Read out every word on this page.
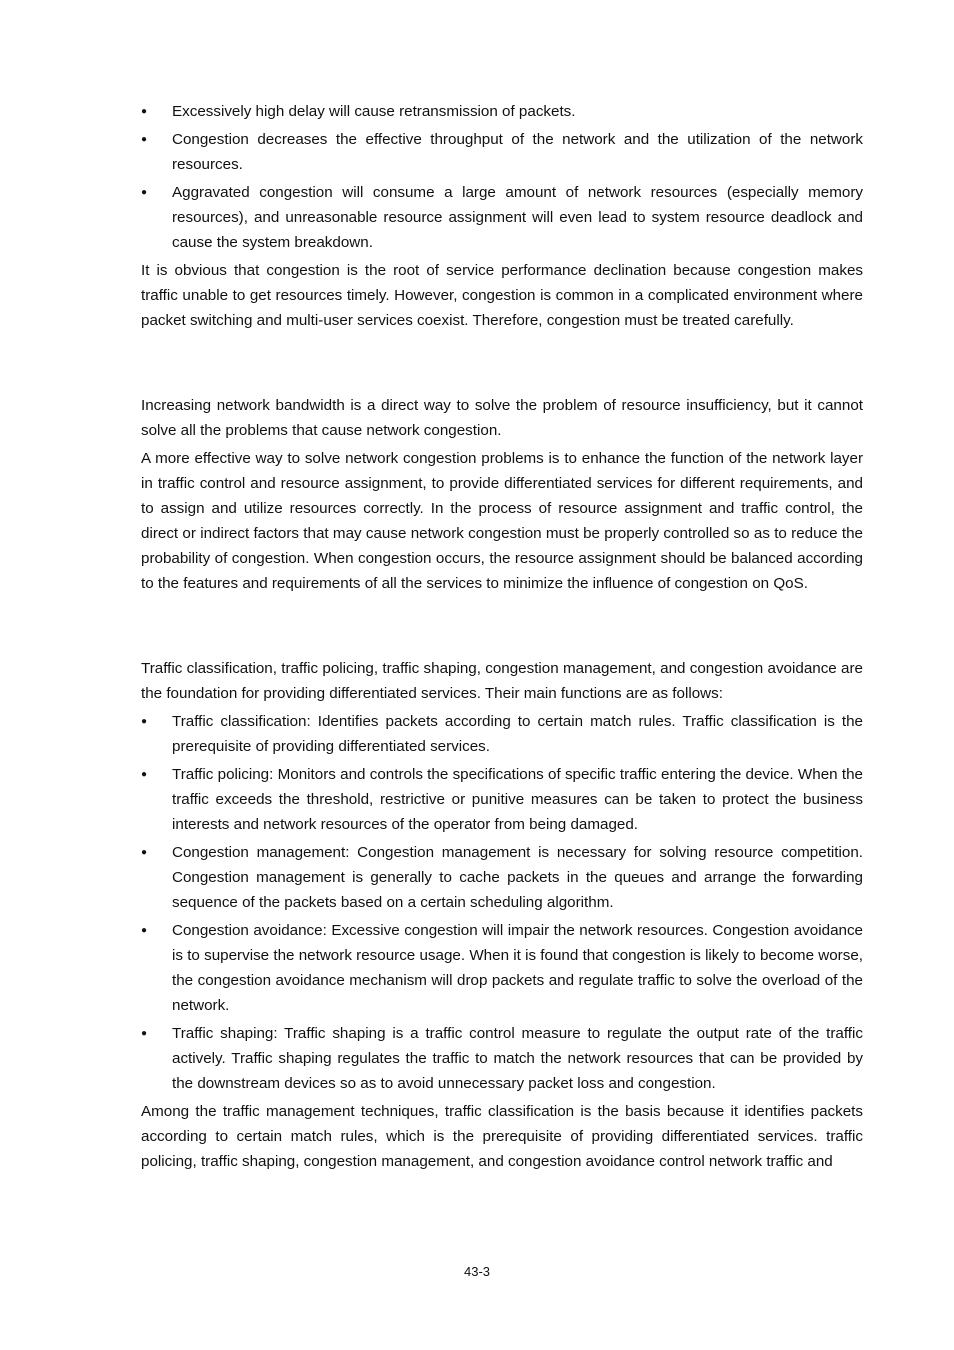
● Excessively high delay will cause retransmission of packets.
● Congestion decreases the effective throughput of the network and the utilization of the network resources.
● Aggravated congestion will consume a large amount of network resources (especially memory resources), and unreasonable resource assignment will even lead to system resource deadlock and cause the system breakdown.

It is obvious that congestion is the root of service performance declination because congestion makes traffic unable to get resources timely. However, congestion is common in a complicated environment where packet switching and multi-user services coexist. Therefore, congestion must be treated carefully.

Increasing network bandwidth is a direct way to solve the problem of resource insufficiency, but it cannot solve all the problems that cause network congestion.

A more effective way to solve network congestion problems is to enhance the function of the network layer in traffic control and resource assignment, to provide differentiated services for different requirements, and to assign and utilize resources correctly. In the process of resource assignment and traffic control, the direct or indirect factors that may cause network congestion must be properly controlled so as to reduce the probability of congestion. When congestion occurs, the resource assignment should be balanced according to the features and requirements of all the services to minimize the influence of congestion on QoS.

Traffic classification, traffic policing, traffic shaping, congestion management, and congestion avoidance are the foundation for providing differentiated services. Their main functions are as follows:

● Traffic classification: Identifies packets according to certain match rules. Traffic classification is the prerequisite of providing differentiated services.
● Traffic policing: Monitors and controls the specifications of specific traffic entering the device. When the traffic exceeds the threshold, restrictive or punitive measures can be taken to protect the business interests and network resources of the operator from being damaged.
● Congestion management: Congestion management is necessary for solving resource competition. Congestion management is generally to cache packets in the queues and arrange the forwarding sequence of the packets based on a certain scheduling algorithm.
● Congestion avoidance: Excessive congestion will impair the network resources. Congestion avoidance is to supervise the network resource usage. When it is found that congestion is likely to become worse, the congestion avoidance mechanism will drop packets and regulate traffic to solve the overload of the network.
● Traffic shaping: Traffic shaping is a traffic control measure to regulate the output rate of the traffic actively. Traffic shaping regulates the traffic to match the network resources that can be provided by the downstream devices so as to avoid unnecessary packet loss and congestion.

Among the traffic management techniques, traffic classification is the basis because it identifies packets according to certain match rules, which is the prerequisite of providing differentiated services. traffic policing, traffic shaping, congestion management, and congestion avoidance control network traffic and

43-3
